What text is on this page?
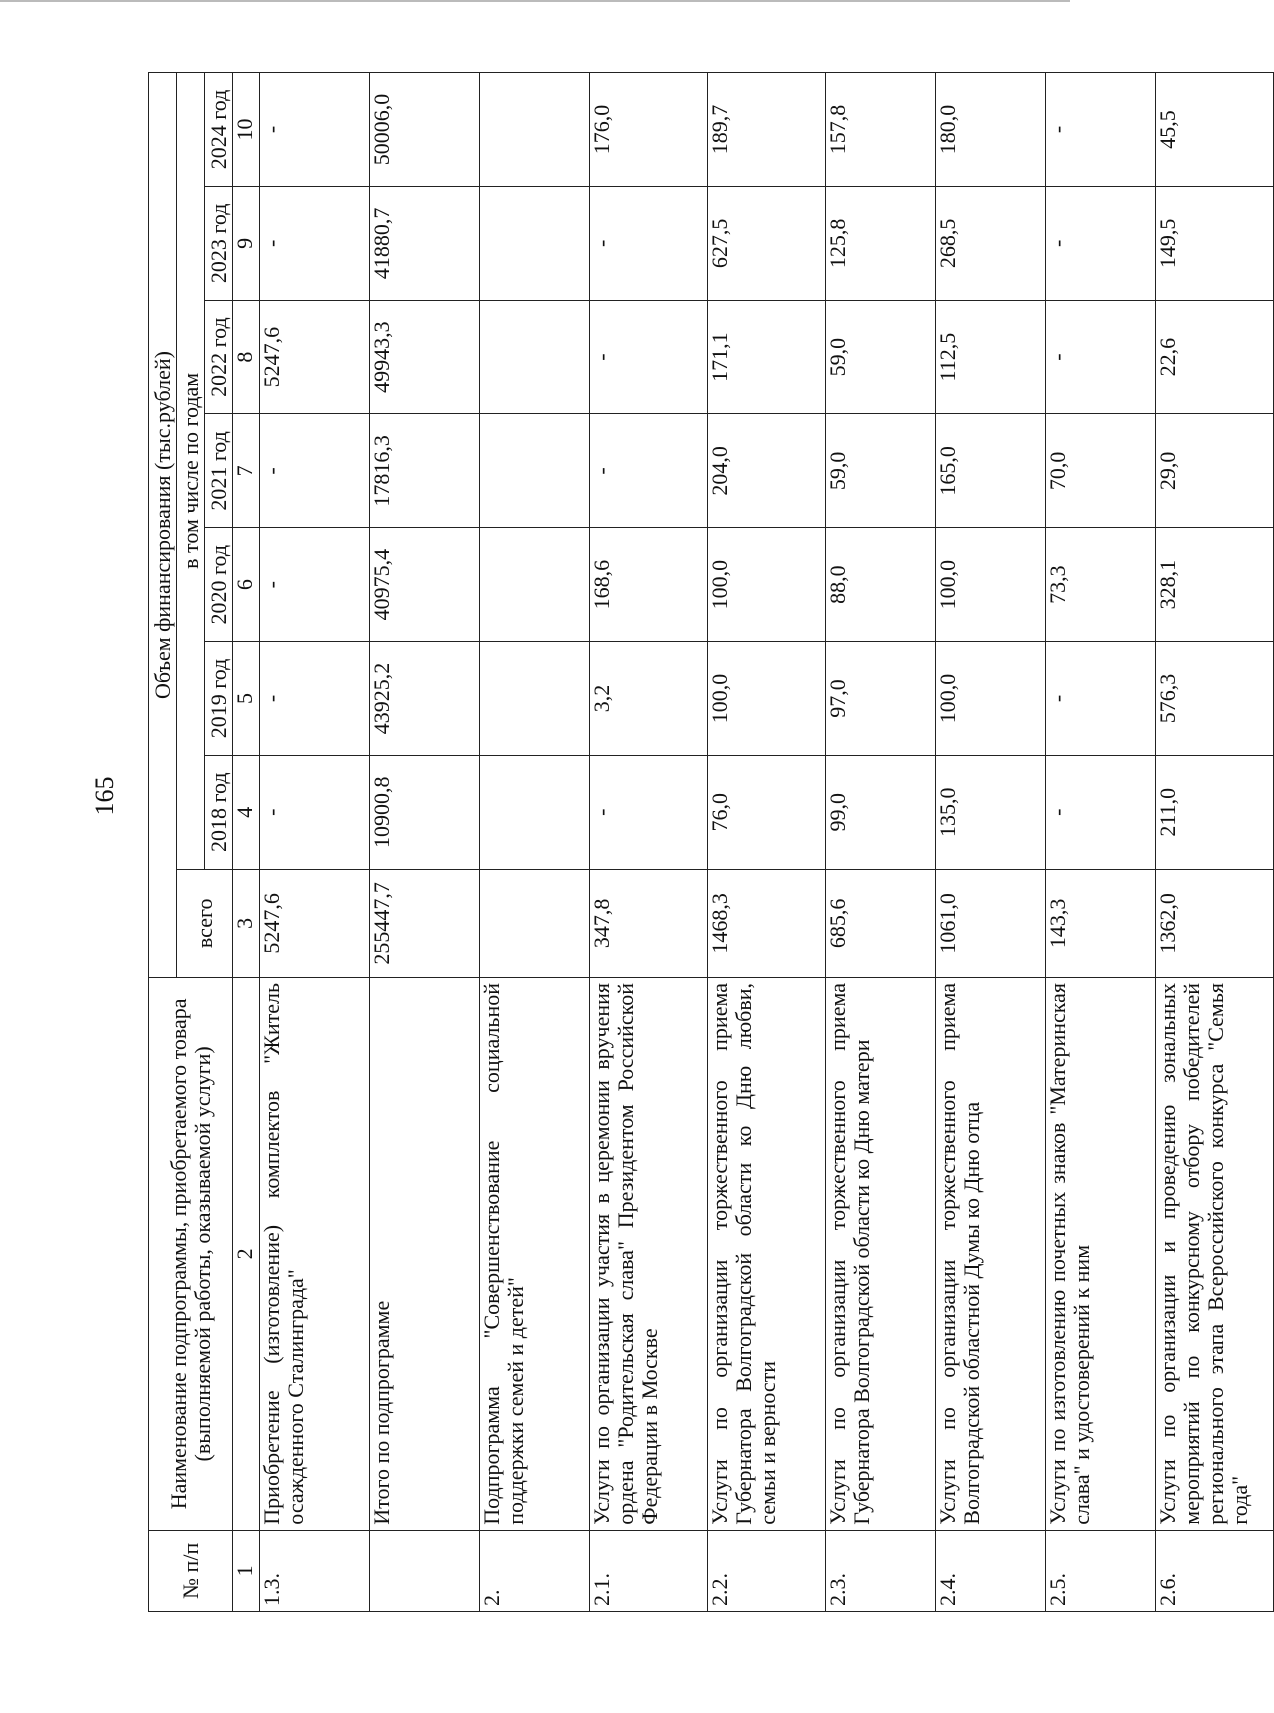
165
№ п/п	Наименование подпрограммы, приобретаемого товара (выполняемой работы, оказываемой услуги)	Объем финансирования (тыс.рублей)							
		всего	в том числе по годам						
			2018 год	2019 год	2020 год	2021 год	2022 год	2023 год	2024 год
1	2	3	4	5	6	7	8	9	10
1.3.	Приобретение (изготовление) комплектов "Житель осажденного Сталинграда"	5247,6	-	-	-	-	5247,6	-	-
	Итого по подпрограмме	255447,7	10900,8	43925,2	40975,4	17816,3	49943,3	41880,7	50006,0
2.	Подпрограмма "Совершенствование социальной поддержки семей и детей"								
2.1.	Услуги по организации участия в церемонии вручения ордена "Родительская слава" Президентом Российской Федерации в Москве	347,8	-	3,2	168,6	-	-	-	176,0
2.2.	Услуги по организации торжественного приема Губернатора Волгоградской области ко Дню любви, семьи и верности	1468,3	76,0	100,0	100,0	204,0	171,1	627,5	189,7
2.3.	Услуги по организации торжественного приема Губернатора Волгоградской области ко Дню матери	685,6	99,0	97,0	88,0	59,0	59,0	125,8	157,8
2.4.	Услуги по организации торжественного приема Волгоградской областной Думы ко Дню отца	1061,0	135,0	100,0	100,0	165,0	112,5	268,5	180,0
2.5.	Услуги по изготовлению почетных знаков "Материнская слава" и удостоверений к ним	143,3	-	-	73,3	70,0	-	-	-
2.6.	Услуги по организации и проведению зональных мероприятий по конкурсному отбору победителей регионального этапа Всероссийского конкурса "Семья года"	1362,0	211,0	576,3	328,1	29,0	22,6	149,5	45,5
